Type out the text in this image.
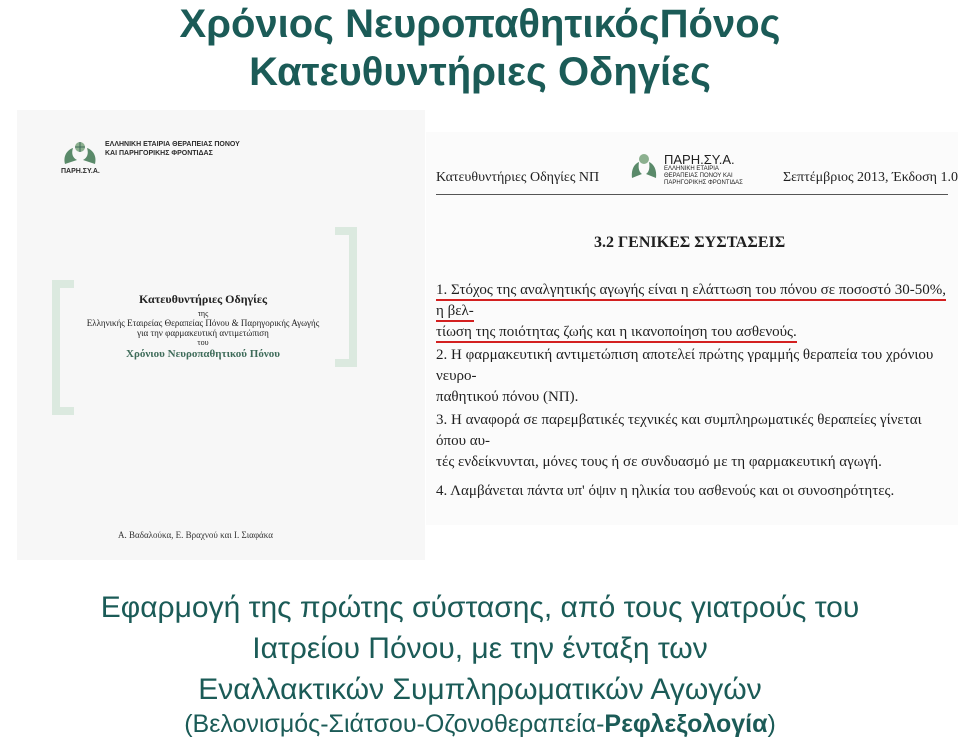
Χρόνιος ΝευροπαθητικόςΠόνος
Κατευθυντήριες Οδηγίες
ΕΛΛΗΝΙΚΗ ΕΤΑΙΡΙΑ ΘΕΡΑΠΕΙΑΣ ΠΟΝΟΥ ΚΑΙ ΠΑΡΗΓΟΡΙΚΗΣ ΦΡΟΝΤΙΔΑΣ
ΠΑΡΗ.ΣΥ.Α.
Κατευθυντήριες Οδηγίες
της
Ελληνικής Εταιρείας Θεραπείας Πόνου & Παρηγορικής Αγωγής
για την φαρμακευτική αντιμετώπιση
του
Χρόνιου Νευροπαθητικού Πόνου
Α. Βαδαλούκα, Ε. Βραχνού και Ι. Σιαφάκα
Κατευθυντήριες Οδηγίες ΝΠ
ΠΑΡΗ.ΣΥ.Α.
ΕΛΛΗΝΙΚΗ ΕΤΑΙΡΙΑ ΘΕΡΑΠΕΙΑΣ ΠΟΝΟΥ ΚΑΙ ΠΑΡΗΓΟΡΙΚΗΣ ΦΡΟΝΤΙΔΑΣ	Σεπτέμβριος 2013, Έκδοση 1.0
3.2 ΓΕΝΙΚΕΣ ΣΥΣΤΑΣΕΙΣ
1. Στόχος της αναλγητικής αγωγής είναι η ελάττωση του πόνου σε ποσοστό 30-50%, η βελ-
τίωση της ποιότητας ζωής και η ικανοποίηση του ασθενούς.
2. Η φαρμακευτική αντιμετώπιση αποτελεί πρώτης γραμμής θεραπεία του χρόνιου νευρο-
παθητικού πόνου (ΝΠ).
3. Η αναφορά σε παρεμβατικές τεχνικές και συμπληρωματικές θεραπείες γίνεται όπου αυ-
τές ενδείκνυνται, μόνες τους ή σε συνδυασμό με τη φαρμακευτική αγωγή.
4. Λαμβάνεται πάντα υπ' όψιν η ηλικία του ασθενούς και οι συνοσηρότητες.
Εφαρμογή της πρώτης σύστασης, από τους γιατρούς του
Ιατρείου Πόνου, με την ένταξη των
Εναλλακτικών Συμπληρωματικών Αγωγών
(Βελονισμός-Σιάτσου-Οζονοθεραπεία-Ρεφλεξολογία)
